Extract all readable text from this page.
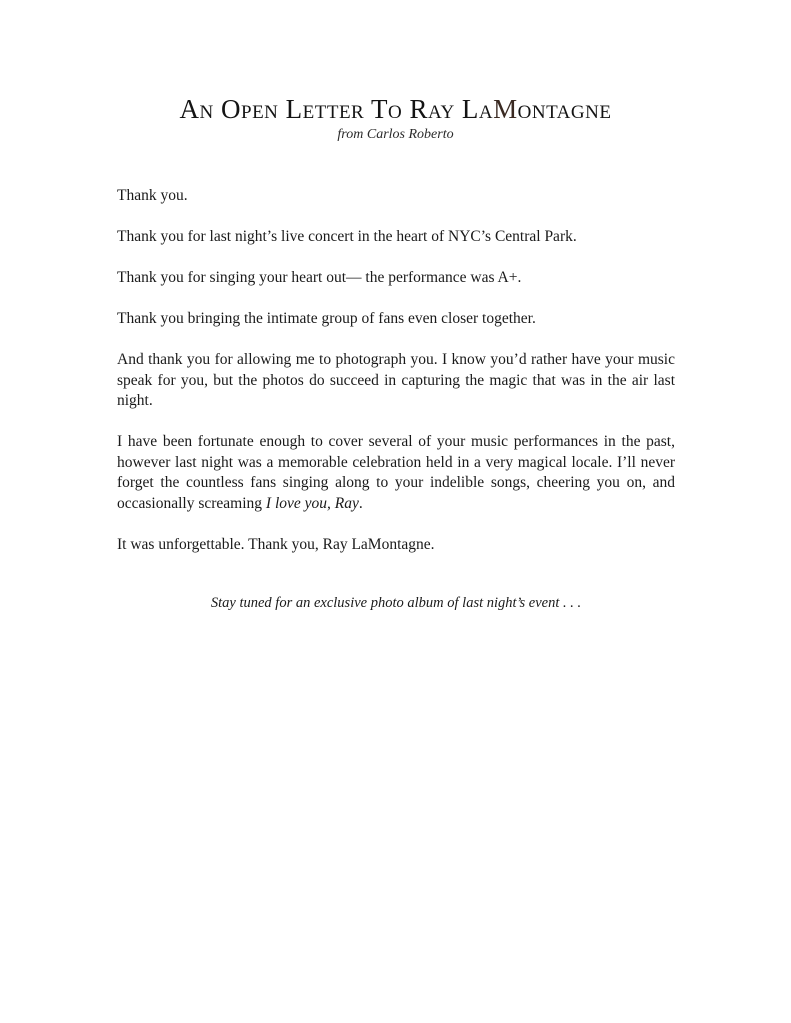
An Open Letter To Ray LaMontagne
from Carlos Roberto

Thank you.

Thank you for last night’s live concert in the heart of NYC’s Central Park.

Thank you for singing your heart out— the performance was A+.

Thank you bringing the intimate group of fans even closer together.

And thank you for allowing me to photograph you. I know you’d rather have your music speak for you, but the photos do succeed in capturing the magic that was in the air last night.

I have been fortunate enough to cover several of your music performances in the past, however last night was a memorable celebration held in a very magical locale. I’ll never forget the countless fans singing along to your indelible songs, cheering you on, and occasionally screaming I love you, Ray.

It was unforgettable. Thank you, Ray LaMontagne.

Stay tuned for an exclusive photo album of last night’s event . . .
